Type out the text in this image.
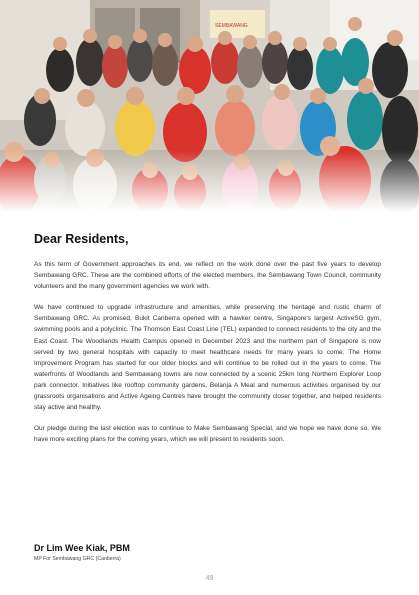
SEMBAWANG
Dear Residents,

As this term of Government approaches its end, we reflect on the work done over the past five years to develop Sembawang GRC. These are the combined efforts of the elected members, the Sembawang Town Council, community volunteers and the many government agencies we work with.

We have continued to upgrade infrastructure and amenities, while preserving the heritage and rustic charm of Sembawang GRC. As promised, Bukit Canberra opened with a hawker centre, Singapore's largest ActiveSG gym, swimming pools and a polyclinic. The Thomson East Coast Line (TEL) expanded to connect residents to the city and the East Coast. The Woodlands Health Campus opened in December 2023 and the northern part of Singapore is now served by two general hospitals with capacity to meet healthcare needs for many years to come. The Home Improvement Program has started for our older blocks and will continue to be rolled out in the years to come. The waterfronts of Woodlands and Sembawang towns are now connected by a scenic 25km long Northern Explorer Loop park connector. Initiatives like rooftop community gardens, Belanja A Meal and numerous activities organised by our grassroots organisations and Active Ageing Centres have brought the community closer together, and helped residents stay active and healthy.

Our pledge during the last election was to continue to Make Sembawang Special, and we hope we have done so. We have more exciting plans for the coming years, which we will present to residents soon.

Dr Lim Wee Kiak, PBM
MP For Sembawang GRC (Canberra)
49
